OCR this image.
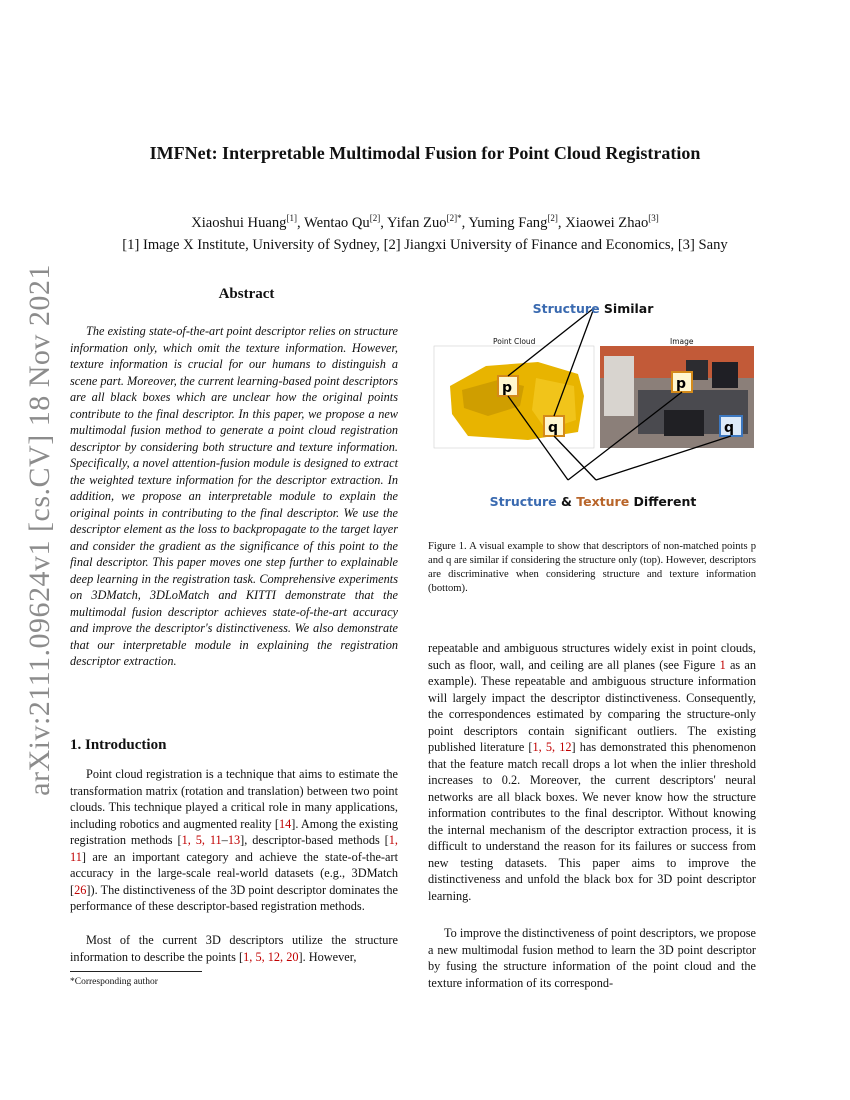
arXiv:2111.09624v1 [cs.CV] 18 Nov 2021
IMFNet: Interpretable Multimodal Fusion for Point Cloud Registration
Xiaoshui Huang[1], Wentao Qu[2], Yifan Zuo$^{[2]*}$, Yuming Fang[2], Xiaowei Zhao[3]
[1] Image X Institute, University of Sydney, [2] Jiangxi University of Finance and Economics, [3] Sany
Abstract
The existing state-of-the-art point descriptor relies on structure information only, which omit the texture information. However, texture information is crucial for our humans to distinguish a scene part. Moreover, the current learning-based point descriptors are all black boxes which are unclear how the original points contribute to the final descriptor. In this paper, we propose a new multimodal fusion method to generate a point cloud registration descriptor by considering both structure and texture information. Specifically, a novel attention-fusion module is designed to extract the weighted texture information for the descriptor extraction. In addition, we propose an interpretable module to explain the original points in contributing to the final descriptor. We use the descriptor element as the loss to backpropagate to the target layer and consider the gradient as the significance of this point to the final descriptor. This paper moves one step further to explainable deep learning in the registration task. Comprehensive experiments on 3DMatch, 3DLoMatch and KITTI demonstrate that the multimodal fusion descriptor achieves state-of-the-art accuracy and improve the descriptor's distinctiveness. We also demonstrate that our interpretable module in explaining the registration descriptor extraction.
1. Introduction
Point cloud registration is a technique that aims to estimate the transformation matrix (rotation and translation) between two point clouds. This technique played a critical role in many applications, including robotics and augmented reality [14]. Among the existing registration methods [1, 5, 11–13], descriptor-based methods [1, 11] are an important category and achieve the state-of-the-art accuracy in the large-scale real-world datasets (e.g., 3DMatch [26]). The distinctiveness of the 3D point descriptor dominates the performance of these descriptor-based registration methods.
Most of the current 3D descriptors utilize the structure information to describe the points [1, 5, 12, 20]. However,
*Corresponding author
p
q
p
q
Point Cloud	Image
Structure Similar
Structure & Texture Different
Figure 1. A visual example to show that descriptors of non-matched points p and q are similar if considering the structure only (top). However, descriptors are discriminative when considering structure and texture information (bottom).
repeatable and ambiguous structures widely exist in point clouds, such as floor, wall, and ceiling are all planes (see Figure 1 as an example). These repeatable and ambiguous structure information will largely impact the descriptor distinctiveness. Consequently, the correspondences estimated by comparing the structure-only point descriptors contain significant outliers. The existing published literature [1, 5, 12] has demonstrated this phenomenon that the feature match recall drops a lot when the inlier threshold increases to 0.2. Moreover, the current descriptors' neural networks are all black boxes. We never know how the structure information contributes to the final descriptor. Without knowing the internal mechanism of the descriptor extraction process, it is difficult to understand the reason for its failures or success from new testing datasets. This paper aims to improve the distinctiveness and unfold the black box for 3D point descriptor learning.
To improve the distinctiveness of point descriptors, we propose a new multimodal fusion method to learn the 3D point descriptor by fusing the structure information of the point cloud and the texture information of its correspond-
